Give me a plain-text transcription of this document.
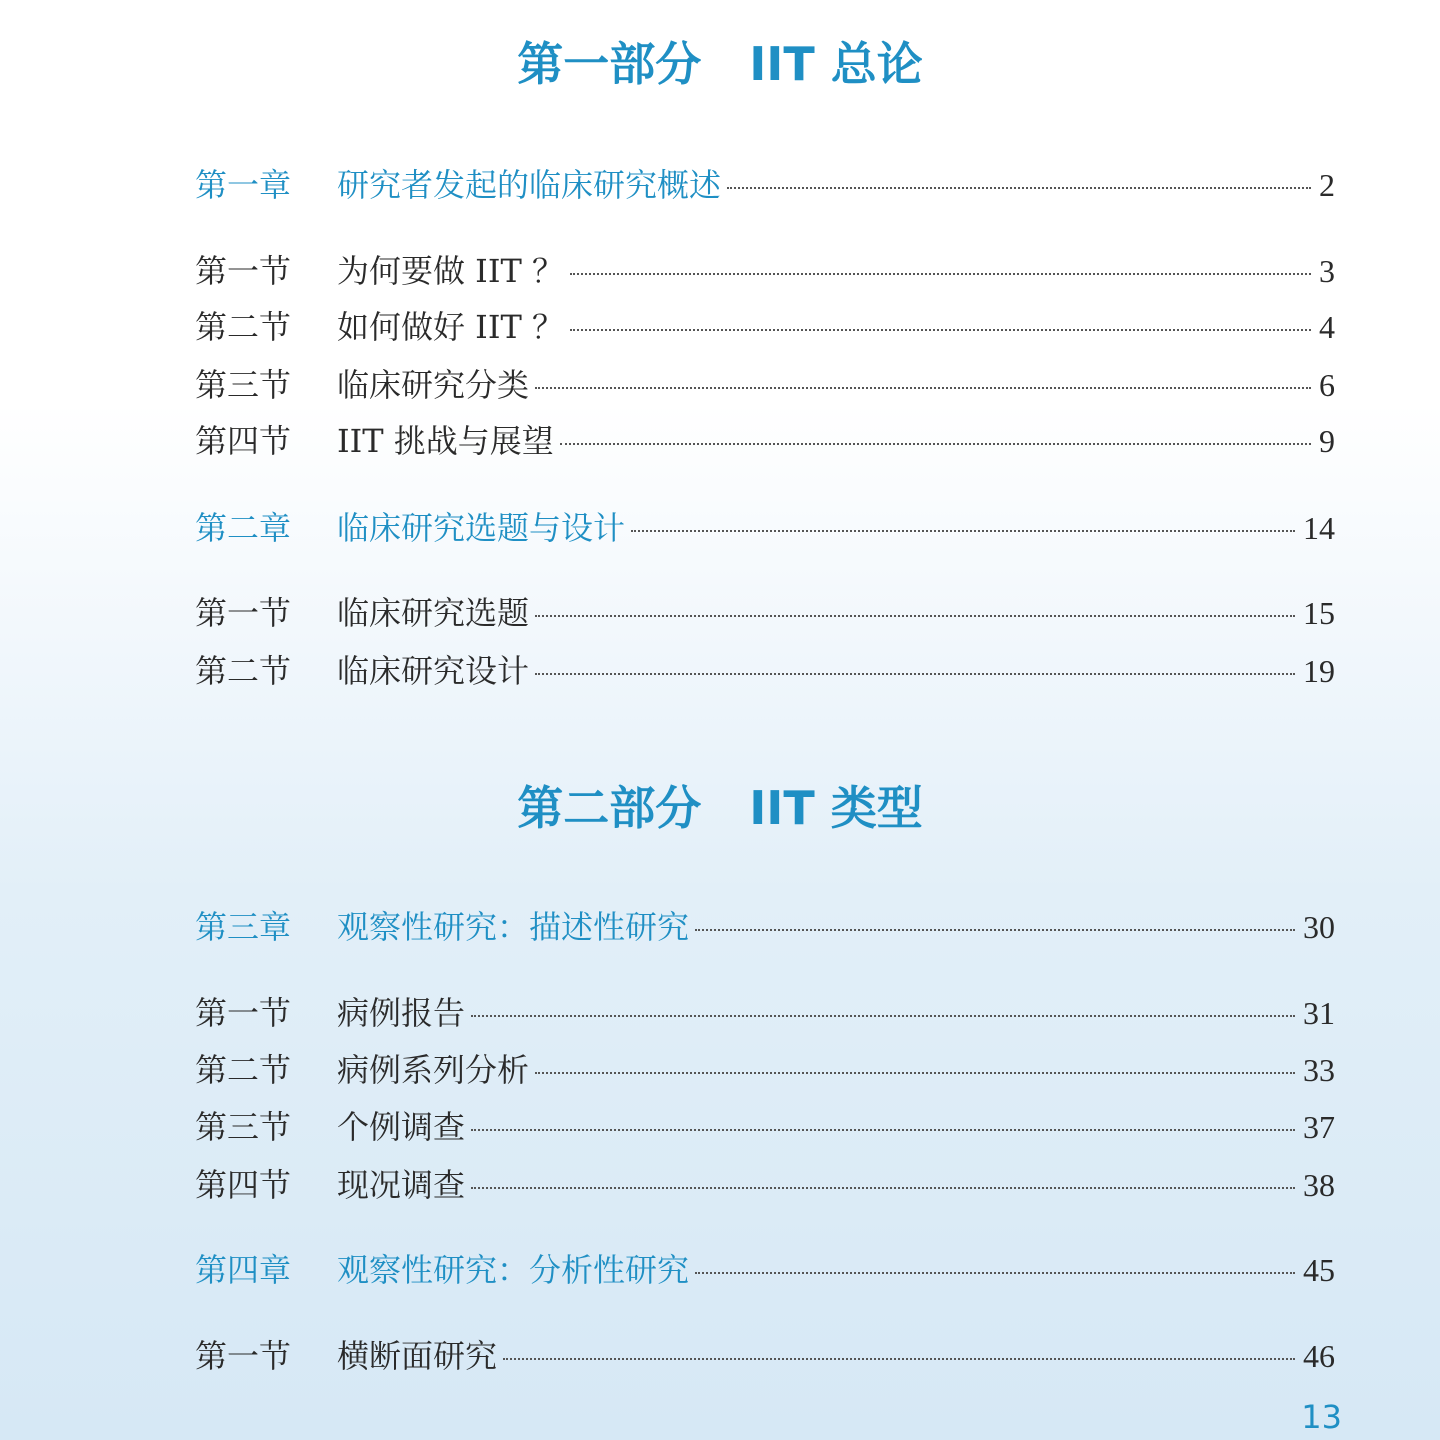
第一部分 IIT 总论
第一章	研究者发起的临床研究概述	2
第一节	为何要做 IIT ？	3
第二节	如何做好 IIT ？	4
第三节	临床研究分类	6
第四节	IIT 挑战与展望	9
第二章	临床研究选题与设计	14
第一节	临床研究选题	15
第二节	临床研究设计	19
第二部分 IIT 类型
第三章	观察性研究：描述性研究	30
第一节	病例报告	31
第二节	病例系列分析	33
第三节	个例调查	37
第四节	现况调查	38
第四章	观察性研究：分析性研究	45
第一节	横断面研究	46
13
